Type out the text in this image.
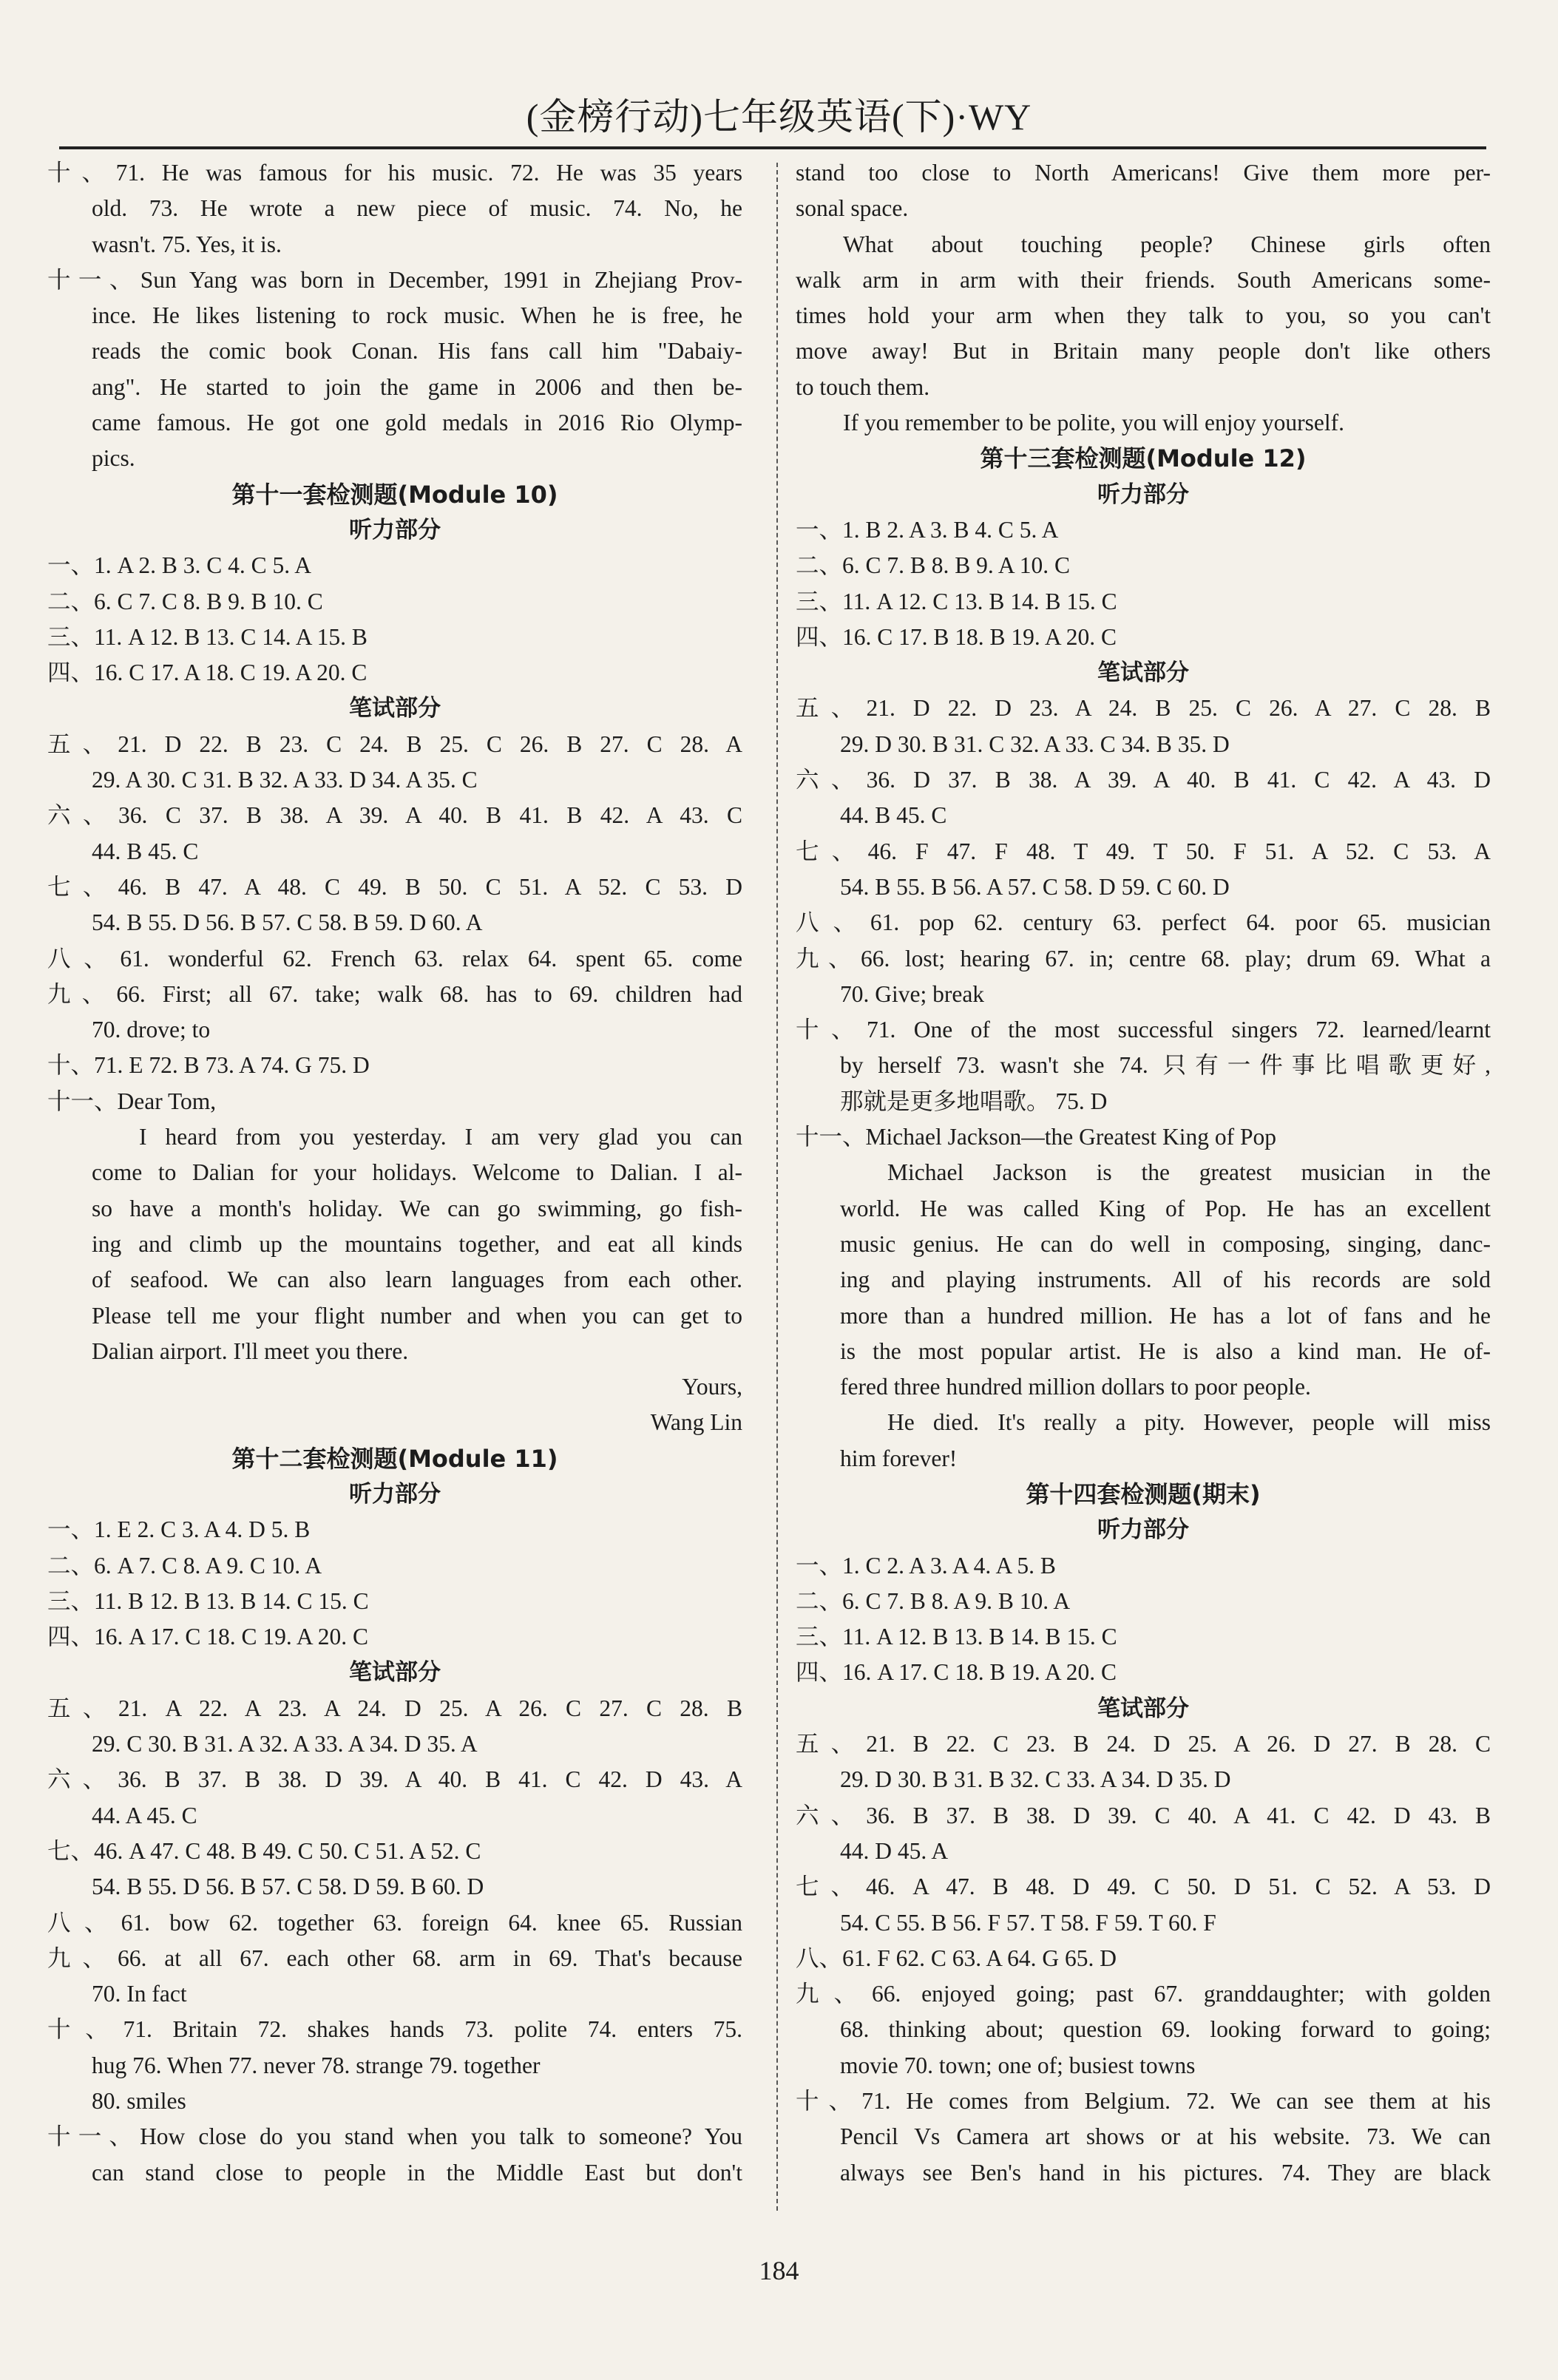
(金榜行动)七年级英语(下)·WY
十、71. He was famous for his music. 72. He was 35 years
old. 73. He wrote a new piece of music. 74. No, he
wasn't. 75. Yes, it is.
十一、Sun Yang was born in December, 1991 in Zhejiang Prov-
ince. He likes listening to rock music. When he is free, he
reads the comic book Conan. His fans call him "Dabaiy-
ang". He started to join the game in 2006 and then be-
came famous. He got one gold medals in 2016 Rio Olymp-
pics.
第十一套检测题(Module 10)
听力部分
一、1. A 2. B 3. C 4. C 5. A
二、6. C 7. C 8. B 9. B 10. C
三、11. A 12. B 13. C 14. A 15. B
四、16. C 17. A 18. C 19. A 20. C
笔试部分
五、21. D 22. B 23. C 24. B 25. C 26. B 27. C 28. A
29. A 30. C 31. B 32. A 33. D 34. A 35. C
六、36. C 37. B 38. A 39. A 40. B 41. B 42. A 43. C
44. B 45. C
七、46. B 47. A 48. C 49. B 50. C 51. A 52. C 53. D
54. B 55. D 56. B 57. C 58. B 59. D 60. A
八、61. wonderful 62. French 63. relax 64. spent 65. come
九、66. First; all 67. take; walk 68. has to 69. children had
70. drove; to
十、71. E 72. B 73. A 74. G 75. D
十一、Dear Tom,
I heard from you yesterday. I am very glad you can
come to Dalian for your holidays. Welcome to Dalian. I al-
so have a month's holiday. We can go swimming, go fish-
ing and climb up the mountains together, and eat all kinds
of seafood. We can also learn languages from each other.
Please tell me your flight number and when you can get to
Dalian airport. I'll meet you there.
Yours,
Wang Lin
第十二套检测题(Module 11)
听力部分
一、1. E 2. C 3. A 4. D 5. B
二、6. A 7. C 8. A 9. C 10. A
三、11. B 12. B 13. B 14. C 15. C
四、16. A 17. C 18. C 19. A 20. C
笔试部分
五、21. A 22. A 23. A 24. D 25. A 26. C 27. C 28. B
29. C 30. B 31. A 32. A 33. A 34. D 35. A
六、36. B 37. B 38. D 39. A 40. B 41. C 42. D 43. A
44. A 45. C
七、46. A 47. C 48. B 49. C 50. C 51. A 52. C
54. B 55. D 56. B 57. C 58. D 59. B 60. D
八、61. bow 62. together 63. foreign 64. knee 65. Russian
九、66. at all 67. each other 68. arm in 69. That's because
70. In fact
十、71. Britain 72. shakes hands 73. polite 74. enters 75.
hug 76. When 77. never 78. strange 79. together
80. smiles
十一、How close do you stand when you talk to someone? You
can stand close to people in the Middle East but don't
stand too close to North Americans! Give them more per-
sonal space.
What about touching people? Chinese girls often
walk arm in arm with their friends. South Americans some-
times hold your arm when they talk to you, so you can't
move away! But in Britain many people don't like others
to touch them.
If you remember to be polite, you will enjoy yourself.
第十三套检测题(Module 12)
听力部分
一、1. B 2. A 3. B 4. C 5. A
二、6. C 7. B 8. B 9. A 10. C
三、11. A 12. C 13. B 14. B 15. C
四、16. C 17. B 18. B 19. A 20. C
笔试部分
五、21. D 22. D 23. A 24. B 25. C 26. A 27. C 28. B
29. D 30. B 31. C 32. A 33. C 34. B 35. D
六、36. D 37. B 38. A 39. A 40. B 41. C 42. A 43. D
44. B 45. C
七、46. F 47. F 48. T 49. T 50. F 51. A 52. C 53. A
54. B 55. B 56. A 57. C 58. D 59. C 60. D
八、61. pop 62. century 63. perfect 64. poor 65. musician
九、66. lost; hearing 67. in; centre 68. play; drum 69. What a
70. Give; break
十、71. One of the most successful singers 72. learned/learnt
by herself 73. wasn't she 74. 只有一件事比唱歌更好,
那就是更多地唱歌。 75. D
十一、Michael Jackson—the Greatest King of Pop
Michael Jackson is the greatest musician in the
world. He was called King of Pop. He has an excellent
music genius. He can do well in composing, singing, danc-
ing and playing instruments. All of his records are sold
more than a hundred million. He has a lot of fans and he
is the most popular artist. He is also a kind man. He of-
fered three hundred million dollars to poor people.
He died. It's really a pity. However, people will miss
him forever!
第十四套检测题(期末)
听力部分
一、1. C 2. A 3. A 4. A 5. B
二、6. C 7. B 8. A 9. B 10. A
三、11. A 12. B 13. B 14. B 15. C
四、16. A 17. C 18. B 19. A 20. C
笔试部分
五、21. B 22. C 23. B 24. D 25. A 26. D 27. B 28. C
29. D 30. B 31. B 32. C 33. A 34. D 35. D
六、36. B 37. B 38. D 39. C 40. A 41. C 42. D 43. B
44. D 45. A
七、46. A 47. B 48. D 49. C 50. D 51. C 52. A 53. D
54. C 55. B 56. F 57. T 58. F 59. T 60. F
八、61. F 62. C 63. A 64. G 65. D
九、66. enjoyed going; past 67. granddaughter; with golden
68. thinking about; question 69. looking forward to going;
movie 70. town; one of; busiest towns
十、71. He comes from Belgium. 72. We can see them at his
Pencil Vs Camera art shows or at his website. 73. We can
always see Ben's hand in his pictures. 74. They are black
184
